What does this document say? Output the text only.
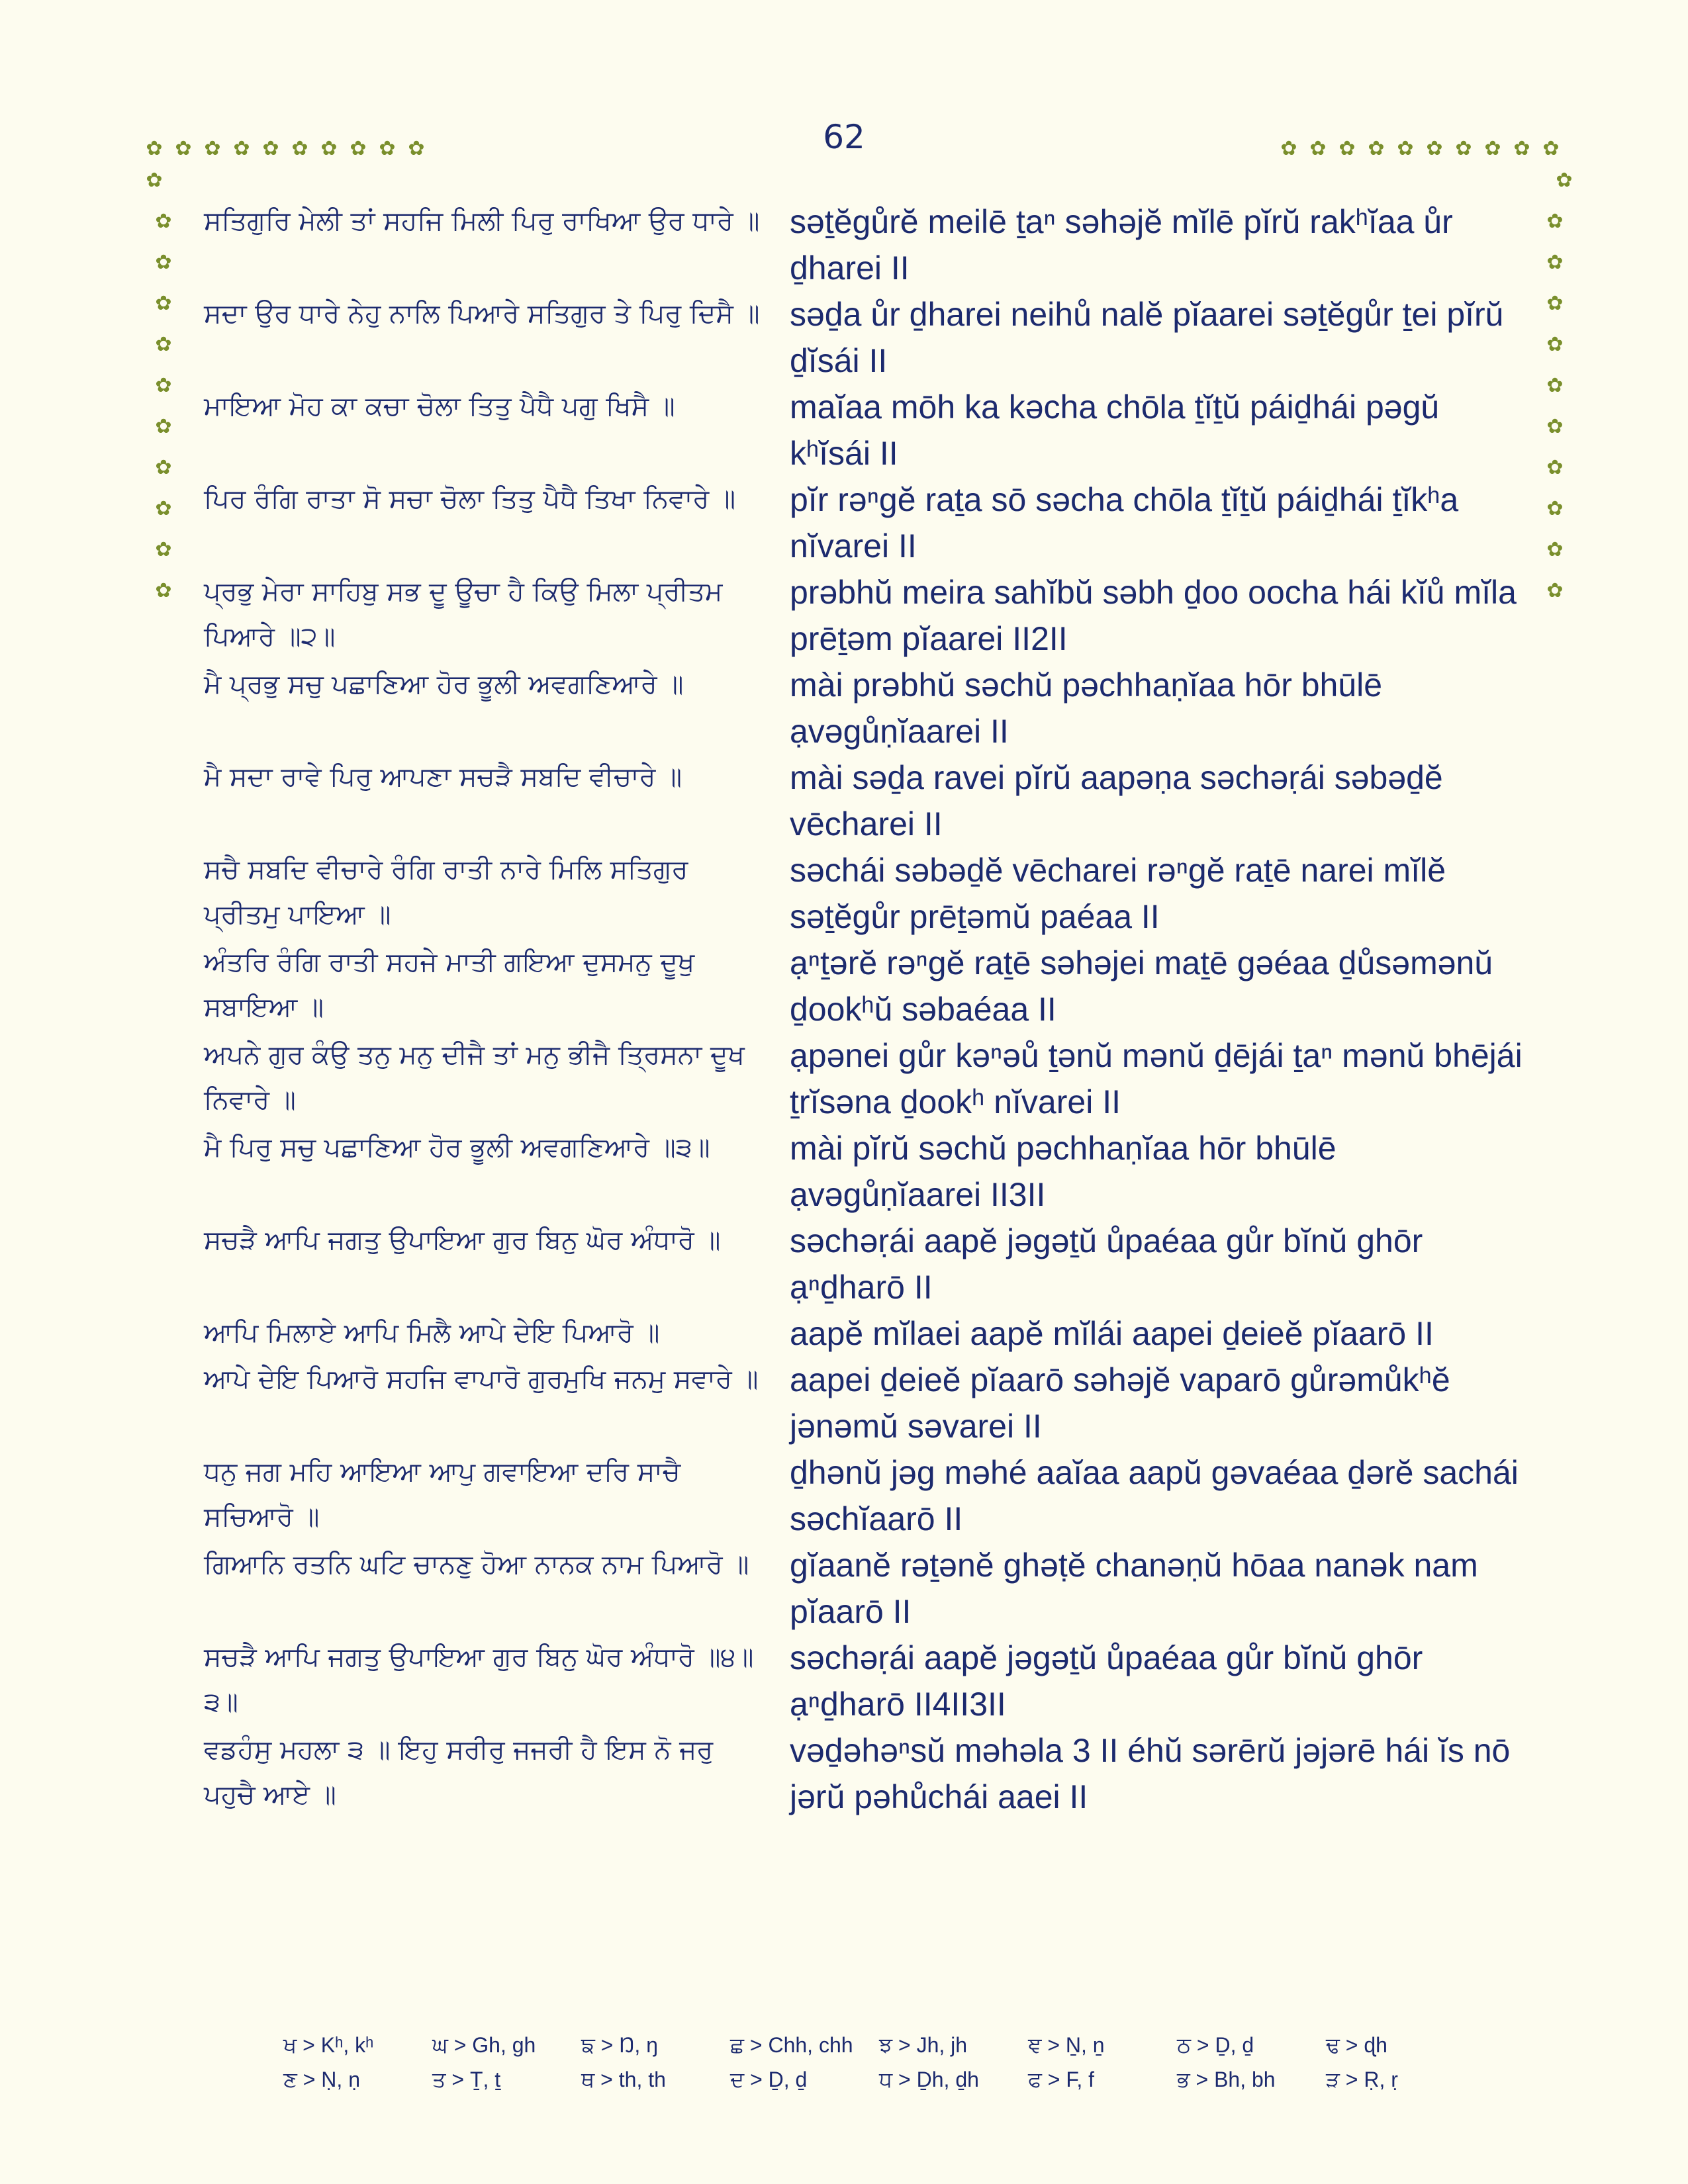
62
✿ ✿ ✿ ✿ ✿ ✿ ✿ ✿ ✿ ✿	✿ ✿ ✿ ✿ ✿ ✿ ✿ ✿ ✿ ✿
✿
✿
✿
✿
✿
✿
✿
✿
✿
✿
✿
✿
✿
✿
✿
✿
✿
✿
✿
✿
✿
✿
ਸਤਿਗੁਰਿ ਮੇਲੀ ਤਾਂ ਸਹਜਿ ਮਿਲੀ ਪਿਰੁ ਰਾਖਿਆ ਉਰ ਧਾਰੇ ॥ səṯĕgůrĕ meilē ṯaⁿ səhəjĕ mĭlē pĭrŭ rakʰĭaa ůr ḏharei II
ਸਦਾ ਉਰ ਧਾਰੇ ਨੇਹੁ ਨਾਲਿ ਪਿਆਰੇ ਸਤਿਗੁਰ ਤੇ ਪਿਰੁ ਦਿਸੈ ॥ səḏa ůr ḏharei neihů nalĕ pĭaarei səṯĕgůr ṯei pĭrŭ ḏĭsái II
ਮਾਇਆ ਮੋਹ ਕਾ ਕਚਾ ਚੋਲਾ ਤਿਤੁ ਪੈਧੈ ਪਗੁ ਖਿਸੈ ॥	maĭaa mōh ka kəcha chōla ṯĭṯŭ páiḏhái pəgŭ kʰĭsái II
ਪਿਰ ਰੰਗਿ ਰਾਤਾ ਸੋ ਸਚਾ ਚੋਲਾ ਤਿਤੁ ਪੈਧੈ ਤਿਖਾ ਨਿਵਾਰੇ ॥	pĭr rəⁿgĕ raṯa sō səcha chōla ṯĭṯŭ páiḏhái ṯĭkʰa nĭvarei II
ਪ੍ਰਭੁ ਮੇਰਾ ਸਾਹਿਬੁ ਸਭ ਦੂ ਊਚਾ ਹੈ ਕਿਉ ਮਿਲਾ ਪ੍ਰੀਤਮ ਪਿਆਰੇ ॥੨॥
prəbhŭ meira sahĭbŭ səbh ḏoo oocha hái kĭů mĭla prēṯəm pĭaarei II2II
ਮੈ ਪ੍ਰਭੁ ਸਚੁ ਪਛਾਣਿਆ ਹੋਰ ਭੂਲੀ ਅਵਗਣਿਆਰੇ ॥	mài prəbhŭ səchŭ pəchhaṇĭaa hōr bhūlē ạvəgůṇĭaarei II
ਮੈ ਸਦਾ ਰਾਵੇ ਪਿਰੁ ਆਪਣਾ ਸਚੜੈ ਸਬਦਿ ਵੀਚਾਰੇ ॥	mài səḏa ravei pĭrŭ aapəṇa səchəṛái səbəḏĕ vēcharei II
ਸਚੈ ਸਬਦਿ ਵੀਚਾਰੇ ਰੰਗਿ ਰਾਤੀ ਨਾਰੇ ਮਿਲਿ ਸਤਿਗੁਰ ਪ੍ਰੀਤਮੁ ਪਾਇਆ ॥
səchái səbəḏĕ vēcharei rəⁿgĕ raṯē narei mĭlĕ səṯĕgůr prēṯəmŭ paéaa II
ਅੰਤਰਿ ਰੰਗਿ ਰਾਤੀ ਸਹਜੇ ਮਾਤੀ ਗਇਆ ਦੁਸਮਨੁ ਦੂਖੁ ਸਬਾਇਆ ॥
ạⁿṯərĕ rəⁿgĕ raṯē səhəjei maṯē gəéaa ḏůsəmənŭ ḏookʰŭ səbaéaa II
ਅਪਨੇ ਗੁਰ ਕੰਉ ਤਨੁ ਮਨੁ ਦੀਜੈ ਤਾਂ ਮਨੁ ਭੀਜੈ ਤ੍ਰਿਸਨਾ ਦੂਖ ਨਿਵਾਰੇ ॥
ạpənei gůr kəⁿəů ṯənŭ mənŭ ḏējái ṯaⁿ mənŭ bhējái ṯrĭsəna ḏookʰ nĭvarei II
ਮੈ ਪਿਰੁ ਸਚੁ ਪਛਾਣਿਆ ਹੋਰ ਭੂਲੀ ਅਵਗਣਿਆਰੇ ॥੩॥	mài pĭrŭ səchŭ pəchhaṇĭaa hōr bhūlē ạvəgůṇĭaarei II3II
ਸਚੜੈ ਆਪਿ ਜਗਤੁ ਉਪਾਇਆ ਗੁਰ ਬਿਨੁ ਘੋਰ ਅੰਧਾਰੋ ॥	səchəṛái aapĕ jəgəṯŭ ůpaéaa gůr bĭnŭ ghōr ạⁿḏharō II
ਆਪਿ ਮਿਲਾਏ ਆਪਿ ਮਿਲੈ ਆਪੇ ਦੇਇ ਪਿਆਰੋ ॥	aapĕ mĭlaei aapĕ mĭlái aapei ḏeieĕ pĭaarō II
ਆਪੇ ਦੇਇ ਪਿਆਰੋ ਸਹਜਿ ਵਾਪਾਰੋ ਗੁਰਮੁਖਿ ਜਨਮੁ ਸਵਾਰੇ ॥ aapei ḏeieĕ pĭaarō səhəjĕ vaparō gůrəmůkʰĕ jənəmŭ səvarei II
ਧਨੁ ਜਗ ਮਹਿ ਆਇਆ ਆਪੁ ਗਵਾਇਆ ਦਰਿ ਸਾਚੈ ਸਚਿਆਰੋ ॥
ḏhənŭ jəg məhé aaĭaa aapŭ gəvaéaa ḏərĕ sachái səchĭaarō II
ਗਿਆਨਿ ਰਤਨਿ ਘਟਿ ਚਾਨਣੁ ਹੋਆ ਨਾਨਕ ਨਾਮ ਪਿਆਰੋ ॥	gĭaanĕ rəṯənĕ ghəṭĕ chanəṇŭ hōaa nanək nam pĭaarō II
ਸਚੜੈ ਆਪਿ ਜਗਤੁ ਉਪਾਇਆ ਗੁਰ ਬਿਨੁ ਘੋਰ ਅੰਧਾਰੋ ॥੪॥੩॥
səchəṛái aapĕ jəgəṯŭ ůpaéaa gůr bĭnŭ ghōr ạⁿḏharō II4II3II
ਵਡਹੰਸੁ ਮਹਲਾ ੩ ॥ ਇਹੁ ਸਰੀਰੁ ਜਜਰੀ ਹੈ ਇਸ ਨੋ ਜਰੁ ਪਹੁਚੈ ਆਏ ॥
vəḏəhəⁿsŭ məhəla 3 II éhŭ sərērŭ jəjərē hái ĭs nō jərŭ pəhůchái aaei II
ਖ > Kʰ, kʰ	ਘ > Gh, gh	ਙ > Ŋ, ŋ	ਛ > Chh, chh	ਝ > Jh, jh	ਞ > Ṉ, ṉ	ਠ > Ḏ, ḏ	ਢ > ɖh
ਣ > Ṇ, ṇ	ਤ > Ṯ, ṯ	ਥ > th, th	ਦ > Ḏ, ḏ	ਧ > Ḏh, ḏh	ਫ > F, f	ਭ > Bh, bh	ੜ > Ṛ, ṛ
